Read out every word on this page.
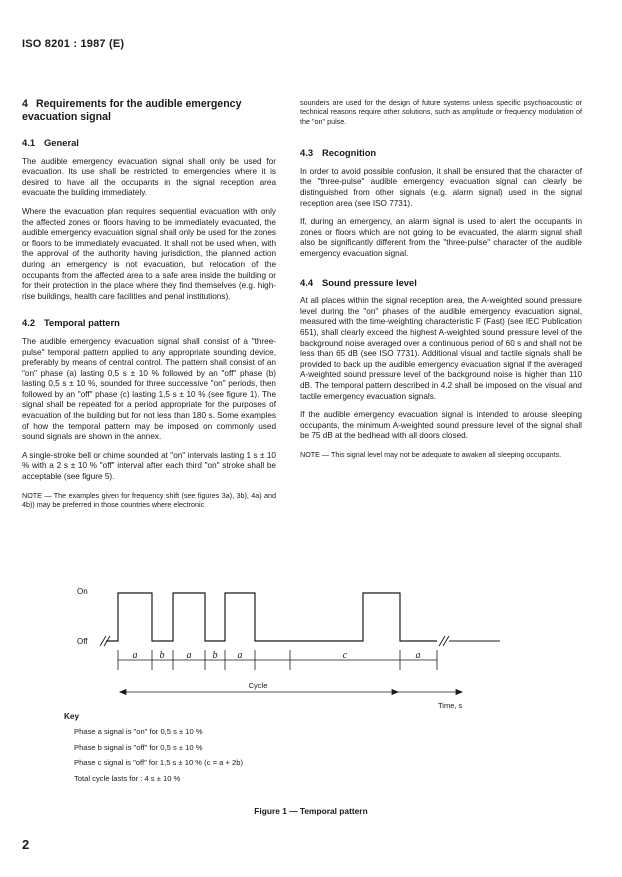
ISO 8201 : 1987 (E)
4 Requirements for the audible emergency evacuation signal
4.1 General

The audible emergency evacuation signal shall only be used for evacuation. Its use shall be restricted to emergencies where it is desired to have all the occupants in the signal reception area evacuate the building immediately.

Where the evacuation plan requires sequential evacuation with only the affected zones or floors having to be immediately evacuated, the audible emergency evacuation signal shall only be used for the zones or floors to be immediately evacuated. It shall not be used when, with the approval of the authority having jurisdiction, the planned action during an emergency is not evacuation, but relocation of the occupants from the affected area to a safe area inside the building or for their protection in the place where they find themselves (e.g. high-rise buildings, health care facilities and penal institutions).

4.2 Temporal pattern

The audible emergency evacuation signal shall consist of a "three-pulse" temporal pattern applied to any appropriate sounding device, preferably by means of central control. The pattern shall consist of an "on" phase (a) lasting 0,5 s ± 10 % followed by an "off" phase (b) lasting 0,5 s ± 10 %, sounded for three successive "on" periods, then followed by an "off" phase (c) lasting 1,5 s ± 10 % (see figure 1). The signal shall be repeated for a period appropriate for the purposes of evacuation of the building but for not less than 180 s. Some examples of how the temporal pattern may be imposed on commonly used sound signals are shown in the annex.

A single-stroke bell or chime sounded at "on" intervals lasting 1 s ± 10 % with a 2 s ± 10 % "off" interval after each third "on" stroke shall be acceptable (see figure 5).

NOTE — The examples given for frequency shift (see figures 3a), 3b), 4a) and 4b)) may be preferred in those countries where electronic

sounders are used for the design of future systems unless specific psychoacoustic or technical reasons require other solutions, such as amplitude or frequency modulation of the "on" pulse.

4.3 Recognition

In order to avoid possible confusion, it shall be ensured that the character of the "three-pulse" audible emergency evacuation signal can clearly be distinguished from other signals (e.g. alarm signal) used in the signal reception area (see ISO 7731).

If, during an emergency, an alarm signal is used to alert the occupants in zones or floors which are not going to be evacuated, the alarm signal shall also be significantly different from the "three-pulse" character of the audible emergency evacuation signal.

4.4 Sound pressure level

At all places within the signal reception area, the A-weighted sound pressure level during the "on" phases of the audible emergency evacuation signal, measured with the time-weighting characteristic F (Fast) (see IEC Publication 651), shall clearly exceed the highest A-weighted sound pressure level of the background noise averaged over a continuous period of 60 s and shall not be less than 65 dB (see ISO 7731). Additional visual and tactile signals shall be provided to back up the audible emergency evacuation signal if the averaged A-weighted sound pressure level of the background noise is higher than 110 dB. The temporal pattern described in 4.2 shall be imposed on the visual and tactile emergency evacuation signals.

If the audible emergency evacuation signal is intended to arouse sleeping occupants, the minimum A-weighted sound pressure level of the signal shall be 75 dB at the bedhead with all doors closed.

NOTE — This signal level may not be adequate to awaken all sleeping occupants.

On
Off
a b a b a	c	a
Cycle
Time, s
Key
Phase a signal is "on" for 0,5 s ± 10 %
Phase b signal is "off" for 0,5 s ± 10 %
Phase c signal is "off" for 1,5 s ± 10 % (c = a + 2b)
Total cycle lasts for : 4 s ± 10 %
Figure 1 — Temporal pattern
2
